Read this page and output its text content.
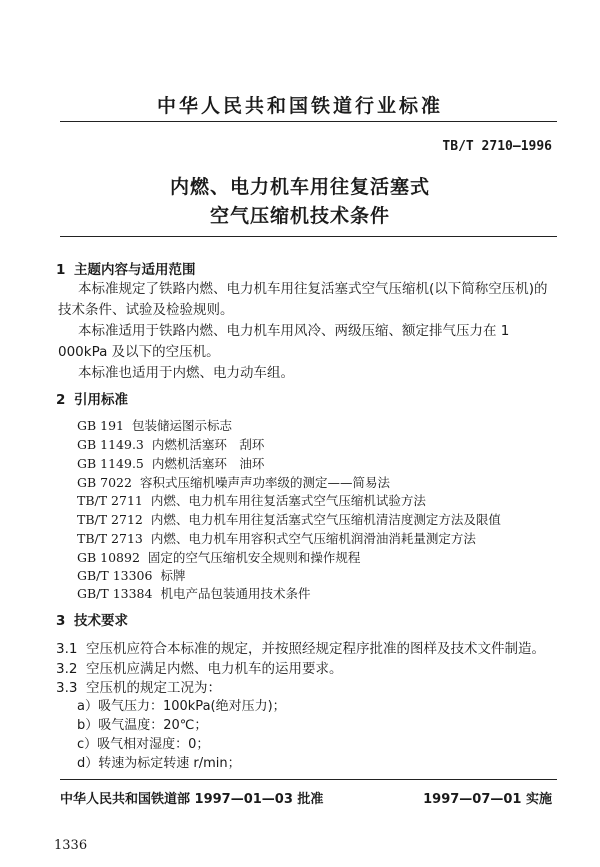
中华人民共和国铁道行业标准
TB/T 2710—1996
内燃、电力机车用往复活塞式
空气压缩机技术条件
1 主题内容与适用范围
本标准规定了铁路内燃、电力机车用往复活塞式空气压缩机(以下简称空压机)的技术条件、试验及检验规则。
本标准适用于铁路内燃、电力机车用风冷、两级压缩、额定排气压力在 1 000kPa 及以下的空压机。
本标准也适用于内燃、电力动车组。
2 引用标准
GB 191 包装储运图示标志
GB 1149.3 内燃机活塞环　刮环
GB 1149.5 内燃机活塞环　油环
GB 7022 容积式压缩机噪声声功率级的测定——简易法
TB/T 2711 内燃、电力机车用往复活塞式空气压缩机试验方法
TB/T 2712 内燃、电力机车用往复活塞式空气压缩机清洁度测定方法及限值
TB/T 2713 内燃、电力机车用容积式空气压缩机润滑油消耗量测定方法
GB 10892 固定的空气压缩机安全规则和操作规程
GB/T 13306 标牌
GB/T 13384 机电产品包装通用技术条件
3 技术要求
3.1 空压机应符合本标准的规定，并按照经规定程序批准的图样及技术文件制造。
3.2 空压机应满足内燃、电力机车的运用要求。
3.3 空压机的规定工况为：
a）吸气压力：100kPa(绝对压力)；
b）吸气温度：20℃；
c）吸气相对湿度：0；
d）转速为标定转速 r/min；
中华人民共和国铁道部 1997—01—03 批准	1997—07—01 实施
1336
